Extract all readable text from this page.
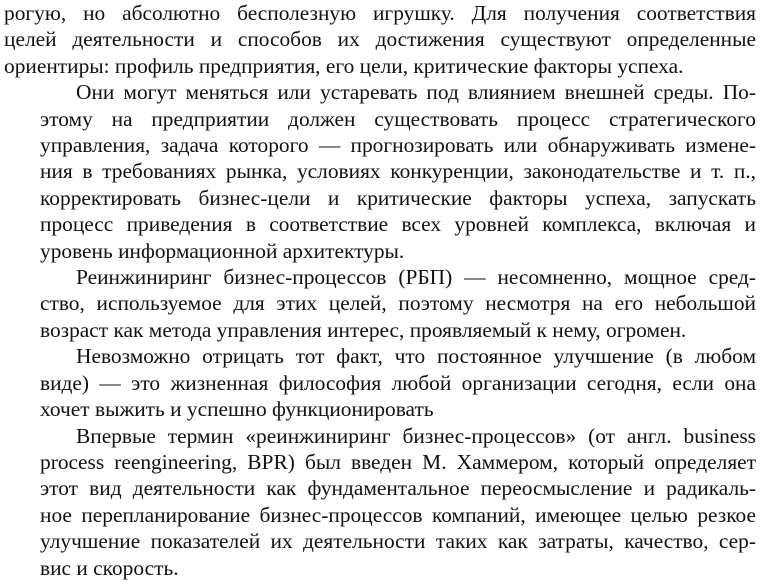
рогую, но абсолютно бесполезную игрушку. Для получения соответствия
целей деятельности и способов их достижения существуют определенные
ориентиры: профиль предприятия, его цели, критические факторы успеха.
Они могут меняться или устаревать под влиянием внешней среды. По-
этому на предприятии должен существовать процесс стратегического
управления, задача которого — прогнозировать или обнаруживать измене-
ния в требованиях рынка, условиях конкуренции, законодательстве и т. п.,
корректировать бизнес-цели и критические факторы успеха, запускать
процесс приведения в соответствие всех уровней комплекса, включая и
уровень информационной архитектуры.
Реинжиниринг бизнес-процессов (РБП) — несомненно, мощное сред-
ство, используемое для этих целей, поэтому несмотря на его небольшой
возраст как метода управления интерес, проявляемый к нему, огромен.
Невозможно отрицать тот факт, что постоянное улучшение (в любом
виде) — это жизненная философия любой организации сегодня, если она
хочет выжить и успешно функционировать
Впервые термин «реинжиниринг бизнес-процессов» (от англ. business
process reengineering, BPR) был введен М. Хаммером, который определяет
этот вид деятельности как фундаментальное переосмысление и радикаль-
ное перепланирование бизнес-процессов компаний, имеющее целью резкое
улучшение показателей их деятельности таких как затраты, качество, сер-
вис и скорость.
